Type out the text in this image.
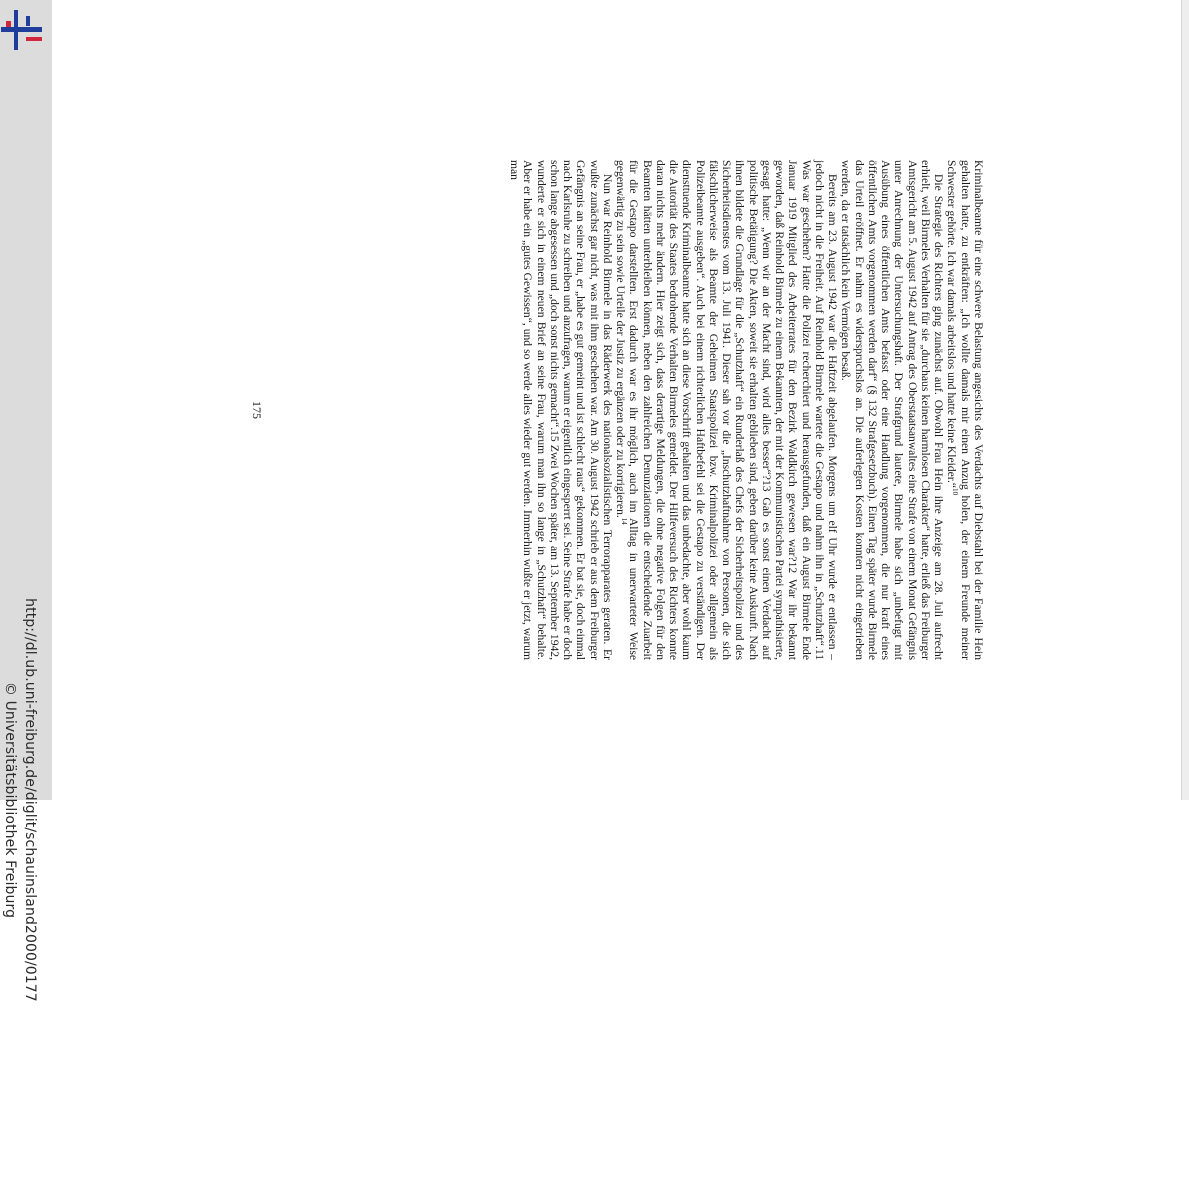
http://dl.ub.uni-freiburg.de/diglit/schauinsland2000/0177
© Universitätsbibliothek Freiburg

Kriminalbeamte für eine schwere Belastung angesichts des Verdachts auf Diebstahl bei der Familie Hein gehalten hatte, zu entkräften: „Ich wollte damals mir einen Anzug holen, der einem Freunde meiner Schwester gehörte. Ich war damals arbeitslos und hatte keine Kleider.“$^{10}$

Die Strategie des Richters ging zunächst auf. Obwohl Frau Hein ihre Anzeige am 28. Juli aufrecht erhielt, weil Birmeles Verhalten für sie „durchaus keinen harmlosen Charakter“ hatte, erließ das Freiburger Amtsgericht am 5. August 1942 auf Antrag des Oberstaatsanwaltes eine Strafe von einem Monat Gefängnis unter Anrechnung der Untersuchungshaft. Der Strafgrund lautete, Birmele habe sich „unbefugt mit Ausübung eines öffentlichen Amts befasst oder eine Handlung vorgenommen, die nur kraft eines öffentlichen Amts vorgenommen werden darf“ (§ 132 Strafgesetzbuch). Einen Tag später wurde Birmele das Urteil eröffnet. Er nahm es widerspruchslos an. Die auferlegten Kosten konnten nicht eingetrieben werden, da er tatsächlich kein Vermögen besaß.

Bereits am 23. August 1942 war die Haftzeit abgelaufen. Morgens um elf Uhr wurde er entlassen – jedoch nicht in die Freiheit. Auf Reinhold Birmele wartete die Gestapo und nahm ihn in „Schutzhaft“.11 Was war geschehen? Hatte die Polizei recherchiert und herausgefunden, daß ein August Birmele Ende Januar 1919 Mitglied des Arbeiterrates für den Bezirk Waldkirch gewesen war?12 War ihr bekannt geworden, daß Reinhold Birmele zu einem Bekannten, der mit der Kommunistischen Partei sympathisierte, gesagt hatte: „Wenn wir an der Macht sind, wird alles besser“?13 Gab es sonst einen Verdacht auf politische Betätigung? Die Akten, soweit sie erhalten geblieben sind, geben darüber keine Auskunft. Nach ihnen bildete die Grundlage für die „Schutzhaft“ ein Runderlaß des Chefs der Sicherheitspolizei und des Sicherheitsdienstes vom 13. Juli 1941. Dieser sah vor die „Inschutzhaftnahme von Personen, die sich fälschlicherweise als Beamte der Geheimen Staatspolizei bzw. Kriminalpolizei oder allgemein als Polizeibeamte ausgeben“. Auch bei einem richterlichen Haftbefehl sei die Gestapo zu verständigen. Der diensttuende Kriminalbeamte hatte sich an diese Vorschrift gehalten und das unbedachte, aber wohl kaum die Autorität des Staates bedrohende Verhalten Birmeles gemeldet. Der Hilfeversuch des Richters konnte daran nichts mehr ändern. Hier zeigt sich, dass derartige Meldungen, die ohne negative Folgen für den Beamten hätten unterbleiben können, neben den zahlreichen Denunziationen die entscheidende Zuarbeit für die Gestapo darstellten. Erst dadurch war es ihr möglich, auch im Alltag in unerwarteter Weise gegenwärtig zu sein sowie Urteile der Justiz zu ergänzen oder zu korrigieren.$^{14}$

Nun war Reinhold Birmele in das Räderwerk des nationalsozialistischen Terrorapparates geraten. Er wußte zunächst gar nicht, was mit ihm geschehen war. Am 30. August 1942 schrieb er aus dem Freiburger Gefängnis an seine Frau, er „habe es gut gemeint und ist schlecht raus“ gekommen. Er bat sie, doch einmal nach Karlsruhe zu schreiben und anzufragen, warum er eigentlich eingesperrt sei. Seine Strafe habe er doch schon lange abgesessen und „doch sonst nichts gemacht“.15 Zwei Wochen später, am 13. September 1942, wunderte er sich in einem neuen Brief an seine Frau, warum man ihn so lange in „Schutzhaft“ behalte. Aber er habe ein „gutes Gewissen“, und so werde alles wieder gut werden. Immerhin wußte er jetzt, warum man

175
